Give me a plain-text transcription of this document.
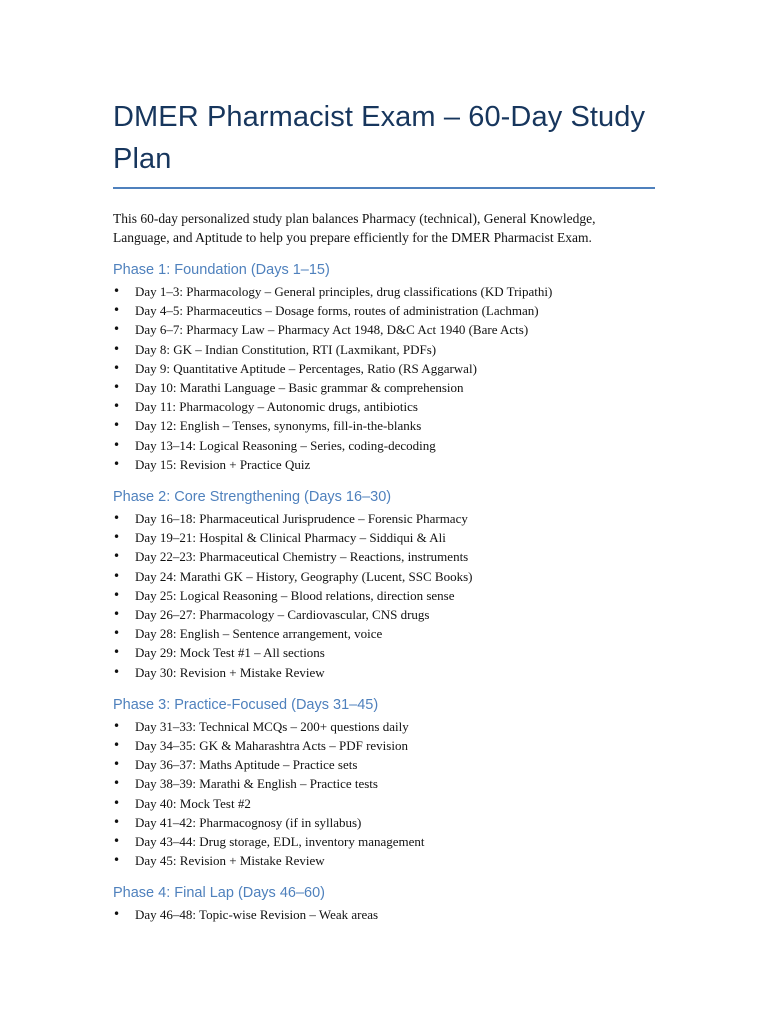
DMER Pharmacist Exam – 60-Day Study Plan

This 60-day personalized study plan balances Pharmacy (technical), General Knowledge, Language, and Aptitude to help you prepare efficiently for the DMER Pharmacist Exam.

Phase 1: Foundation (Days 1–15)
• Day 1–3: Pharmacology – General principles, drug classifications (KD Tripathi)
• Day 4–5: Pharmaceutics – Dosage forms, routes of administration (Lachman)
• Day 6–7: Pharmacy Law – Pharmacy Act 1948, D&C Act 1940 (Bare Acts)
• Day 8: GK – Indian Constitution, RTI (Laxmikant, PDFs)
• Day 9: Quantitative Aptitude – Percentages, Ratio (RS Aggarwal)
• Day 10: Marathi Language – Basic grammar & comprehension
• Day 11: Pharmacology – Autonomic drugs, antibiotics
• Day 12: English – Tenses, synonyms, fill-in-the-blanks
• Day 13–14: Logical Reasoning – Series, coding-decoding
• Day 15: Revision + Practice Quiz
Phase 2: Core Strengthening (Days 16–30)
• Day 16–18: Pharmaceutical Jurisprudence – Forensic Pharmacy
• Day 19–21: Hospital & Clinical Pharmacy – Siddiqui & Ali
• Day 22–23: Pharmaceutical Chemistry – Reactions, instruments
• Day 24: Marathi GK – History, Geography (Lucent, SSC Books)
• Day 25: Logical Reasoning – Blood relations, direction sense
• Day 26–27: Pharmacology – Cardiovascular, CNS drugs
• Day 28: English – Sentence arrangement, voice
• Day 29: Mock Test #1 – All sections
• Day 30: Revision + Mistake Review
Phase 3: Practice-Focused (Days 31–45)
• Day 31–33: Technical MCQs – 200+ questions daily
• Day 34–35: GK & Maharashtra Acts – PDF revision
• Day 36–37: Maths Aptitude – Practice sets
• Day 38–39: Marathi & English – Practice tests
• Day 40: Mock Test #2
• Day 41–42: Pharmacognosy (if in syllabus)
• Day 43–44: Drug storage, EDL, inventory management
• Day 45: Revision + Mistake Review
Phase 4: Final Lap (Days 46–60)
• Day 46–48: Topic-wise Revision – Weak areas
